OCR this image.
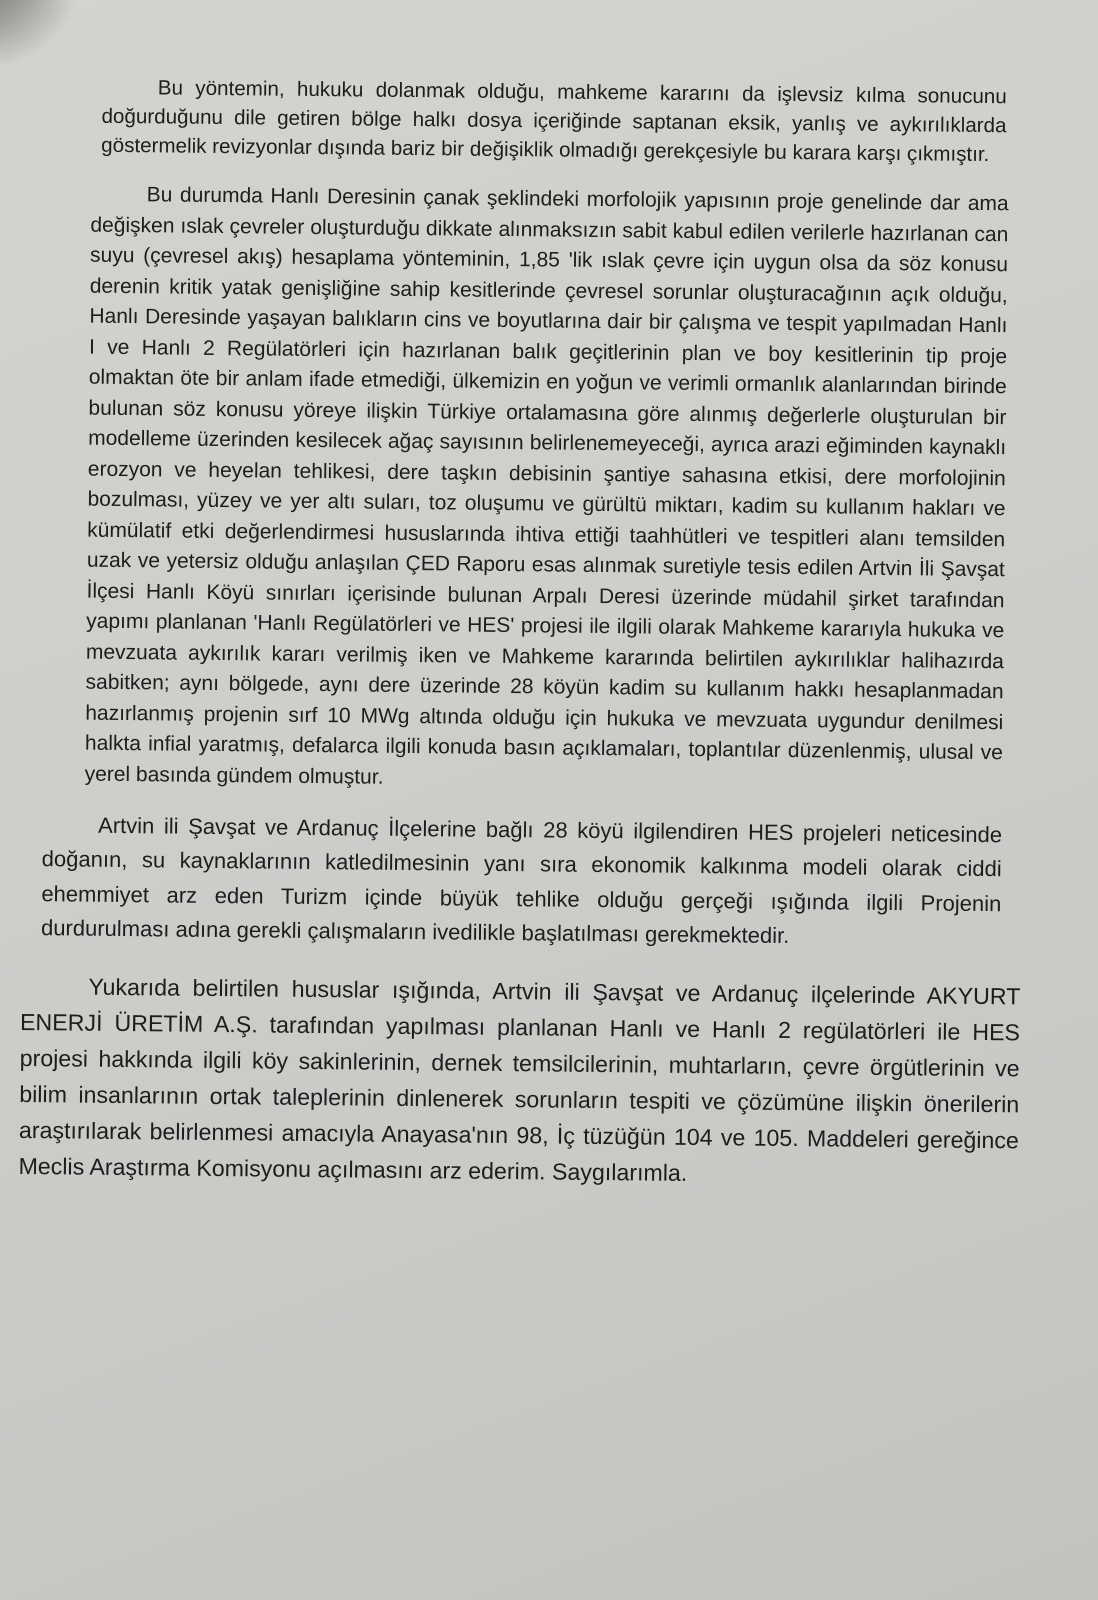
Bu yöntemin, hukuku dolanmak olduğu, mahkeme kararını da işlevsiz kılma sonucunu doğurduğunu dile getiren bölge halkı dosya içeriğinde saptanan eksik, yanlış ve aykırılıklarda göstermelik revizyonlar dışında bariz bir değişiklik olmadığı gerekçesiyle bu karara karşı çıkmıştır.

Bu durumda Hanlı Deresinin çanak şeklindeki morfolojik yapısının proje genelinde dar ama değişken ıslak çevreler oluşturduğu dikkate alınmaksızın sabit kabul edilen verilerle hazırlanan can suyu (çevresel akış) hesaplama yönteminin, 1,85 'lik ıslak çevre için uygun olsa da söz konusu derenin kritik yatak genişliğine sahip kesitlerinde çevresel sorunlar oluşturacağının açık olduğu, Hanlı Deresinde yaşayan balıkların cins ve boyutlarına dair bir çalışma ve tespit yapılmadan Hanlı I ve Hanlı 2 Regülatörleri için hazırlanan balık geçitlerinin plan ve boy kesitlerinin tip proje olmaktan öte bir anlam ifade etmediği, ülkemizin en yoğun ve verimli ormanlık alanlarından birinde bulunan söz konusu yöreye ilişkin Türkiye ortalamasına göre alınmış değerlerle oluşturulan bir modelleme üzerinden kesilecek ağaç sayısının belirlenemeyeceği, ayrıca arazi eğiminden kaynaklı erozyon ve heyelan tehlikesi, dere taşkın debisinin şantiye sahasına etkisi, dere morfolojinin bozulması, yüzey ve yer altı suları, toz oluşumu ve gürültü miktarı, kadim su kullanım hakları ve kümülatif etki değerlendirmesi hususlarında ihtiva ettiği taahhütleri ve tespitleri alanı temsilden uzak ve yetersiz olduğu anlaşılan ÇED Raporu esas alınmak suretiyle tesis edilen Artvin İli Şavşat İlçesi Hanlı Köyü sınırları içerisinde bulunan Arpalı Deresi üzerinde müdahil şirket tarafından yapımı planlanan 'Hanlı Regülatörleri ve HES' projesi ile ilgili olarak Mahkeme kararıyla hukuka ve mevzuata aykırılık kararı verilmiş iken ve Mahkeme kararında belirtilen aykırılıklar halihazırda sabitken; aynı bölgede, aynı dere üzerinde 28 köyün kadim su kullanım hakkı hesaplanmadan hazırlanmış projenin sırf 10 MWg altında olduğu için hukuka ve mevzuata uygundur denilmesi halkta infial yaratmış, defalarca ilgili konuda basın açıklamaları, toplantılar düzenlenmiş, ulusal ve yerel basında gündem olmuştur.

Artvin ili Şavşat ve Ardanuç İlçelerine bağlı 28 köyü ilgilendiren HES projeleri neticesinde doğanın, su kaynaklarının katledilmesinin yanı sıra ekonomik kalkınma modeli olarak ciddi ehemmiyet arz eden Turizm içinde büyük tehlike olduğu gerçeği ışığında ilgili Projenin durdurulması adına gerekli çalışmaların ivedilikle başlatılması gerekmektedir.

Yukarıda belirtilen hususlar ışığında, Artvin ili Şavşat ve Ardanuç ilçelerinde AKYURT ENERJİ ÜRETİM A.Ş. tarafından yapılması planlanan Hanlı ve Hanlı 2 regülatörleri ile HES projesi hakkında ilgili köy sakinlerinin, dernek temsilcilerinin, muhtarların, çevre örgütlerinin ve bilim insanlarının ortak taleplerinin dinlenerek sorunların tespiti ve çözümüne ilişkin önerilerin araştırılarak belirlenmesi amacıyla Anayasa'nın 98, İç tüzüğün 104 ve 105. Maddeleri gereğince Meclis Araştırma Komisyonu açılmasını arz ederim. Saygılarımla.
